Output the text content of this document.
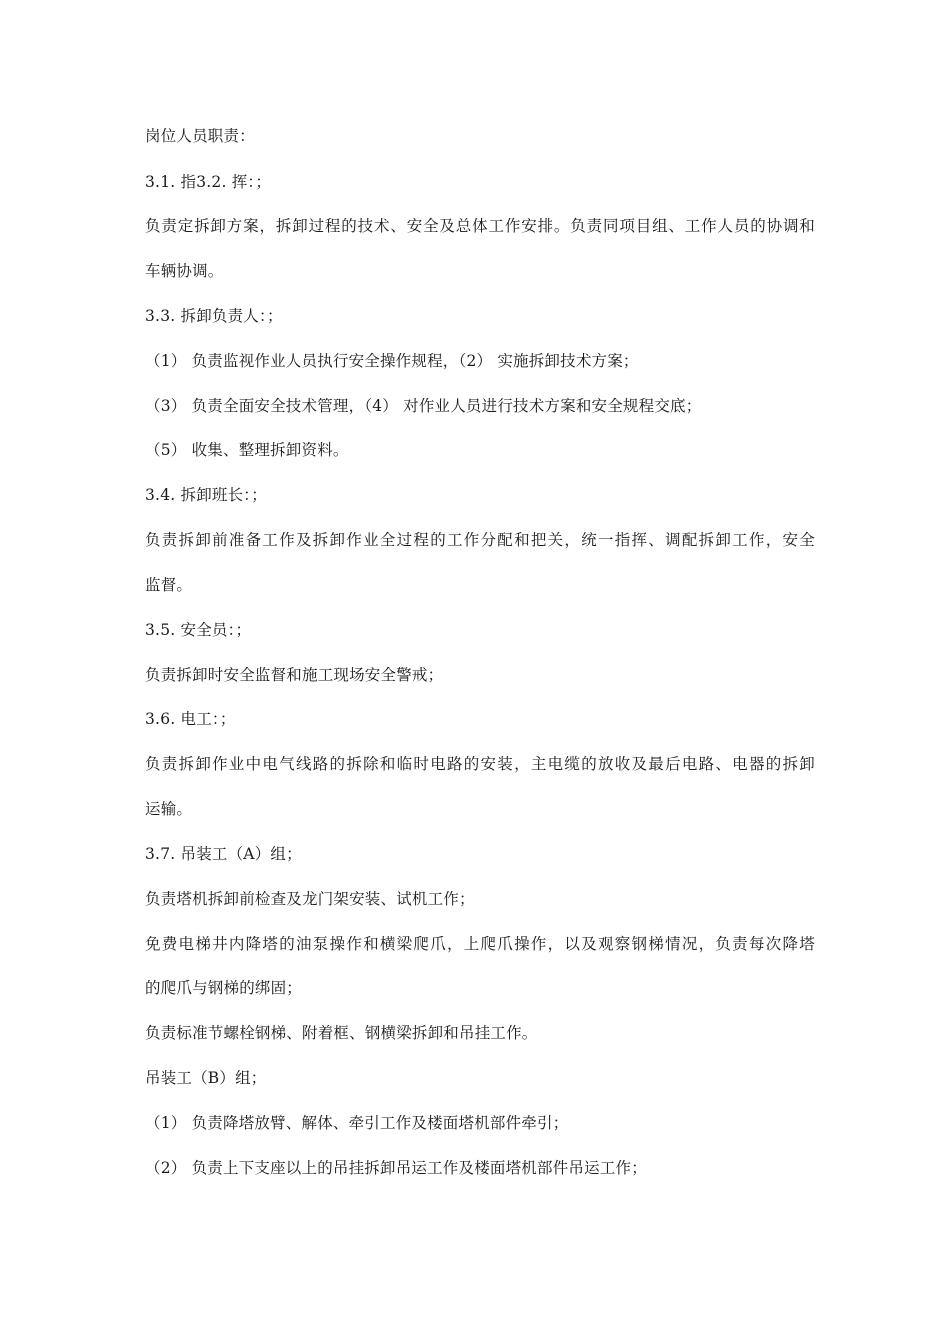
岗位人员职责：
3.1. 指3.2. 挥：；
负责定拆卸方案，拆卸过程的技术、安全及总体工作安排。负责同项目组、工作人员的协调和
车辆协调。
3.3. 拆卸负责人：；
（1） 负责监视作业人员执行安全操作规程，（2） 实施拆卸技术方案；
（3） 负责全面安全技术管理，（4） 对作业人员进行技术方案和安全规程交底；
（5） 收集、整理拆卸资料。
3.4. 拆卸班长：；
负责拆卸前准备工作及拆卸作业全过程的工作分配和把关，统一指挥、调配拆卸工作，安全
监督。
3.5. 安全员：；
负责拆卸时安全监督和施工现场安全警戒；
3.6. 电工：；
负责拆卸作业中电气线路的拆除和临时电路的安装，主电缆的放收及最后电路、电器的拆卸
运输。
3.7. 吊装工（A）组；
负责塔机拆卸前检查及龙门架安装、试机工作；
免费电梯井内降塔的油泵操作和横梁爬爪，上爬爪操作，以及观察钢梯情况，负责每次降塔
的爬爪与钢梯的绑固；
负责标准节螺栓钢梯、附着框、钢横梁拆卸和吊挂工作。
吊装工（B）组；
（1） 负责降塔放臂、解体、牵引工作及楼面塔机部件牵引；
（2） 负责上下支座以上的吊挂拆卸吊运工作及楼面塔机部件吊运工作；
